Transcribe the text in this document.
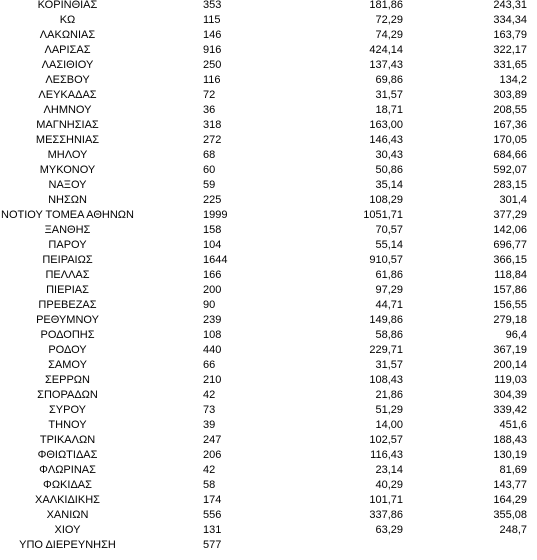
ΚΟΡΙΝΘΙΑΣ	353	181,86	243,31
ΚΩ	115	72,29	334,34
ΛΑΚΩΝΙΑΣ	146	74,29	163,79
ΛΑΡΙΣΑΣ	916	424,14	322,17
ΛΑΣΙΘΙΟΥ	250	137,43	331,65
ΛΕΣΒΟΥ	116	69,86	134,2
ΛΕΥΚΑΔΑΣ	72	31,57	303,89
ΛΗΜΝΟΥ	36	18,71	208,55
ΜΑΓΝΗΣΙΑΣ	318	163,00	167,36
ΜΕΣΣΗΝΙΑΣ	272	146,43	170,05
ΜΗΛΟΥ	68	30,43	684,66
ΜΥΚΟΝΟΥ	60	50,86	592,07
ΝΑΞΟΥ	59	35,14	283,15
ΝΗΣΩΝ	225	108,29	301,4
ΝΟΤΙΟΥ ΤΟΜΕΑ ΑΘΗΝΩΝ	1999	1051,71	377,29
ΞΑΝΘΗΣ	158	70,57	142,06
ΠΑΡΟΥ	104	55,14	696,77
ΠΕΙΡΑΙΩΣ	1644	910,57	366,15
ΠΕΛΛΑΣ	166	61,86	118,84
ΠΙΕΡΙΑΣ	200	97,29	157,86
ΠΡΕΒΕΖΑΣ	90	44,71	156,55
ΡΕΘΥΜΝΟΥ	239	149,86	279,18
ΡΟΔΟΠΗΣ	108	58,86	96,4
ΡΟΔΟΥ	440	229,71	367,19
ΣΑΜΟΥ	66	31,57	200,14
ΣΕΡΡΩΝ	210	108,43	119,03
ΣΠΟΡΑΔΩΝ	42	21,86	304,39
ΣΥΡΟΥ	73	51,29	339,42
ΤΗΝΟΥ	39	14,00	451,6
ΤΡΙΚΑΛΩΝ	247	102,57	188,43
ΦΘΙΩΤΙΔΑΣ	206	116,43	130,19
ΦΛΩΡΙΝΑΣ	42	23,14	81,69
ΦΩΚΙΔΑΣ	58	40,29	143,77
ΧΑΛΚΙΔΙΚΗΣ	174	101,71	164,29
ΧΑΝΙΩΝ	556	337,86	355,08
ΧΙΟΥ	131	63,29	248,7
ΥΠΟ ΔΙΕΡΕΥΝΗΣΗ	577		
